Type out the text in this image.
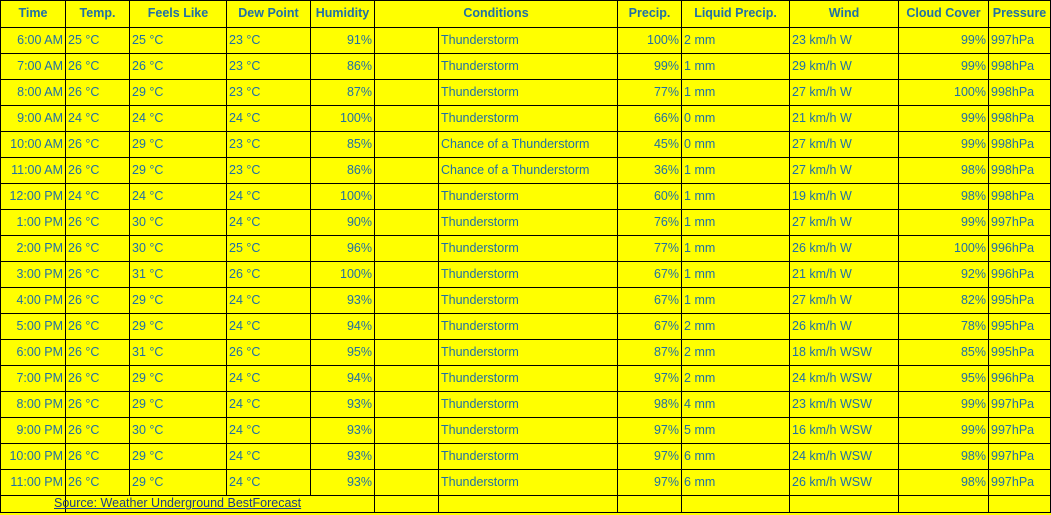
Time	Temp.	Feels Like	Dew Point	Humidity	Conditions		Precip.	Liquid Precip.	Wind	Cloud Cover	Pressure
6:00 AM	25 °C	25 °C	23 °C	91%		Thunderstorm	100%	2 mm	23 km/h W	99%	997hPa
7:00 AM	26 °C	26 °C	23 °C	86%		Thunderstorm	99%	1 mm	29 km/h W	99%	998hPa
8:00 AM	26 °C	29 °C	23 °C	87%		Thunderstorm	77%	1 mm	27 km/h W	100%	998hPa
9:00 AM	24 °C	24 °C	24 °C	100%		Thunderstorm	66%	0 mm	21 km/h W	99%	998hPa
10:00 AM	26 °C	29 °C	23 °C	85%		Chance of a Thunderstorm	45%	0 mm	27 km/h W	99%	998hPa
11:00 AM	26 °C	29 °C	23 °C	86%		Chance of a Thunderstorm	36%	1 mm	27 km/h W	98%	998hPa
12:00 PM	24 °C	24 °C	24 °C	100%		Thunderstorm	60%	1 mm	19 km/h W	98%	998hPa
1:00 PM	26 °C	30 °C	24 °C	90%		Thunderstorm	76%	1 mm	27 km/h W	99%	997hPa
2:00 PM	26 °C	30 °C	25 °C	96%		Thunderstorm	77%	1 mm	26 km/h W	100%	996hPa
3:00 PM	26 °C	31 °C	26 °C	100%		Thunderstorm	67%	1 mm	21 km/h W	92%	996hPa
4:00 PM	26 °C	29 °C	24 °C	93%		Thunderstorm	67%	1 mm	27 km/h W	82%	995hPa
5:00 PM	26 °C	29 °C	24 °C	94%		Thunderstorm	67%	2 mm	26 km/h W	78%	995hPa
6:00 PM	26 °C	31 °C	26 °C	95%		Thunderstorm	87%	2 mm	18 km/h WSW	85%	995hPa
7:00 PM	26 °C	29 °C	24 °C	94%		Thunderstorm	97%	2 mm	24 km/h WSW	95%	996hPa
8:00 PM	26 °C	29 °C	24 °C	93%		Thunderstorm	98%	4 mm	23 km/h WSW	99%	997hPa
9:00 PM	26 °C	30 °C	24 °C	93%		Thunderstorm	97%	5 mm	16 km/h WSW	99%	997hPa
10:00 PM	26 °C	29 °C	24 °C	93%		Thunderstorm	97%	6 mm	24 km/h WSW	98%	997hPa
11:00 PM	26 °C	29 °C	24 °C	93%		Thunderstorm	97%	6 mm	26 km/h WSW	98%	997hPa

	Source: Weather Underground BestForecast										
